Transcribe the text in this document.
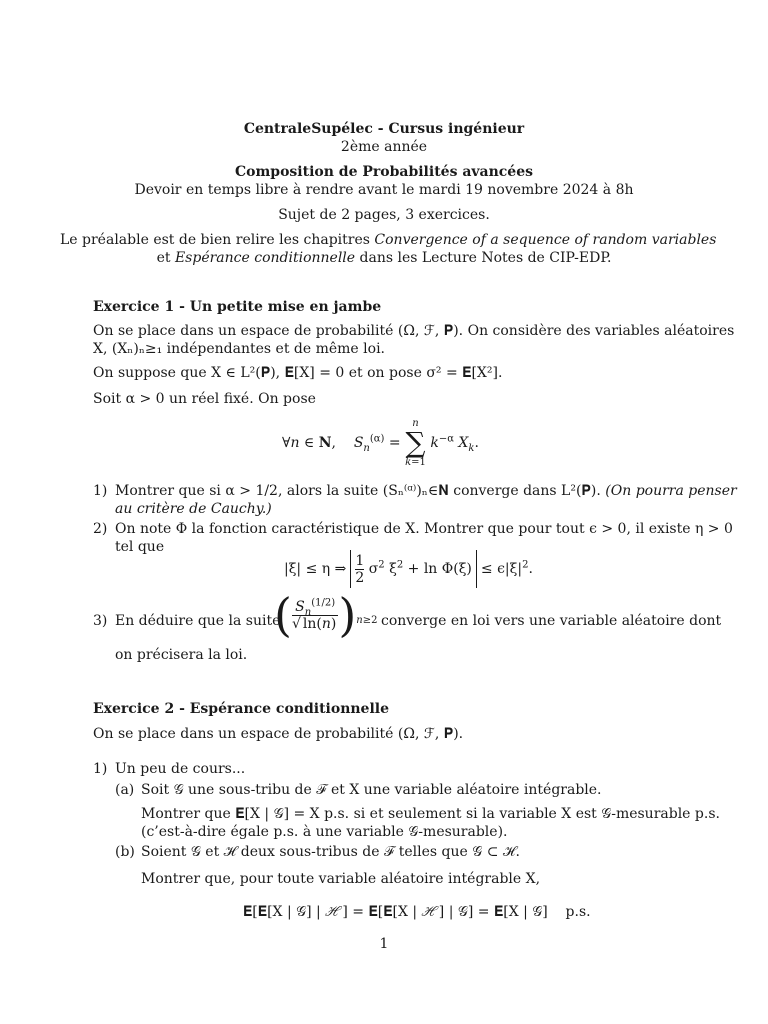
CentraleSupélec - Cursus ingénieur
2ème année
Composition de Probabilités avancées
Devoir en temps libre à rendre avant le mardi 19 novembre 2024 à 8h
Sujet de 2 pages, 3 exercices.
Le préalable est de bien relire les chapitres Convergence of a sequence of random variables
et Espérance conditionnelle dans les Lecture Notes de CIP-EDP.
Exercice 1 - Un petite mise en jambe
On se place dans un espace de probabilité (Ω, ℱ, 𝐏). On considère des variables aléatoires
X, (Xₙ)ₙ≥₁ indépendantes et de même loi.
On suppose que X ∈ L²(𝐏), 𝐄[X] = 0 et on pose σ² = 𝐄[X²].
Soit α > 0 un réel fixé. On pose
∀n ∈ N,    $S_n^{(\alpha)} = n$
∑
k=1 $k^{-\alpha}$ $X_k$.
1) Montrer que si α > 1/2, alors la suite (Sₙ⁽ᵅ⁾)ₙ∈𝐍 converge dans L²(𝐏). (On pourra penser
au critère de Cauchy.)
2) On note Φ la fonction caractéristique de X. Montrer que pour tout ϵ > 0, il existe η > 0
tel que
|ξ| ≤ η ⇒ $\frac{1}{2} \sigma^2$ $\xi^2 + \ln \Phi(\xi) \le \epsilon|\xi|^2$.
3) En déduire que la suite
( $\frac{S_n^{(1/2)}}{√ \ln(n)} )_{n\ge 2}$ converge en loi vers une variable aléatoire dont
on précisera la loi.
Exercice 2 - Espérance conditionnelle
On se place dans un espace de probabilité (Ω, ℱ, 𝐏).
1) Un peu de cours...
(a) Soit 𝒢 une sous-tribu de ℱ et X une variable aléatoire intégrable.
Montrer que 𝐄[X | 𝒢] = X p.s. si et seulement si la variable X est 𝒢-mesurable p.s.
(c’est-à-dire égale p.s. à une variable 𝒢-mesurable).
(b) Soient 𝒢 et ℋ deux sous-tribus de ℱ telles que 𝒢 ⊂ ℋ.
Montrer que, pour toute variable aléatoire intégrable X,
𝐄[𝐄[X | 𝒢] | ℋ] = 𝐄[𝐄[X | ℋ] | 𝒢] = 𝐄[X | 𝒢] p.s.
1
